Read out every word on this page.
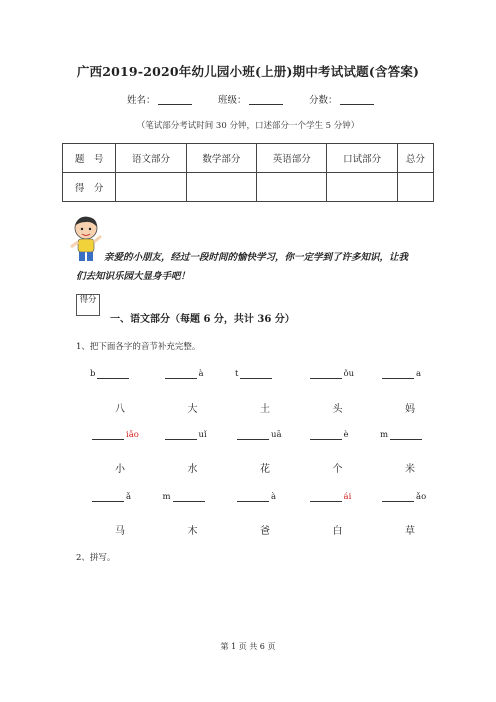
广西2019-2020年幼儿园小班(上册)期中考试试题(含答案)
姓名：	班级：	分数：
（笔试部分考试时间 30 分钟，口述部分一个学生 5 分钟）
题　号	语文部分	数学部分	英语部分	口试部分	总分
得　分					
亲爱的小朋友，经过一段时间的愉快学习，你一定学到了许多知识，让我
们去知识乐园大显身手吧！
得分
一、语文部分（每题 6 分，共计 36 分）
1、把下面各字的音节补充完整。
b	à	t	ǒu	a
八	大	土	头	妈
iǎo	uǐ	uā	è	m
小	水	花	个	米
ǎ	m	à	ái	ǎo
马	木	爸	白	草
2、拼写。
第 1 页 共 6 页
